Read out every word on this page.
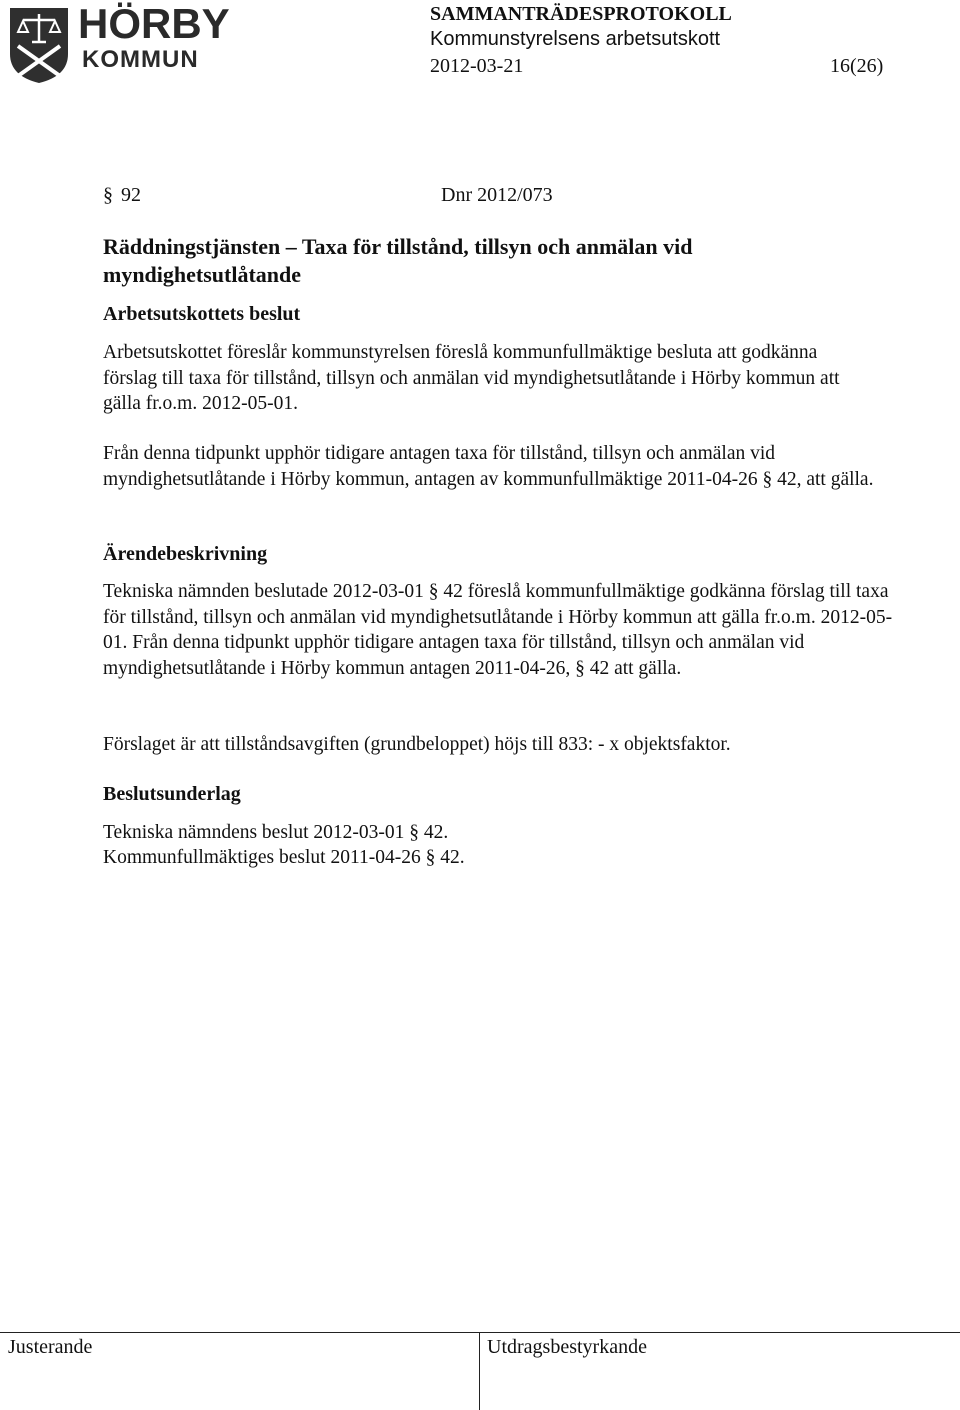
HÖRBY
KOMMUN
SAMMANTRÄDESPROTOKOLL
Kommunstyrelsens arbetsutskott
2012-03-21	16(26)
§ 92	Dnr 2012/073
Räddningstjänsten – Taxa för tillstånd, tillsyn och anmälan vid myndighetsutlåtande
Arbetsutskottets beslut

Arbetsutskottet föreslår kommunstyrelsen föreslå kommunfullmäktige besluta att godkänna förslag till taxa för tillstånd, tillsyn och anmälan vid myndighetsutlåtande i Hörby kommun att gälla fr.o.m. 2012-05-01.

Från denna tidpunkt upphör tidigare antagen taxa för tillstånd, tillsyn och anmälan vid myndighetsutlåtande i Hörby kommun, antagen av kommunfullmäktige 2011-04-26 § 42, att gälla.

Ärendebeskrivning

Tekniska nämnden beslutade 2012-03-01 § 42 föreslå kommunfullmäktige godkänna förslag till taxa för tillstånd, tillsyn och anmälan vid myndighetsutlåtande i Hörby kommun att gälla fr.o.m. 2012-05-01. Från denna tidpunkt upphör tidigare antagen taxa för tillstånd, tillsyn och anmälan vid myndighetsutlåtande i Hörby kommun antagen 2011-04-26, § 42 att gälla.

Förslaget är att tillståndsavgiften (grundbeloppet) höjs till 833: - x objektsfaktor.

Beslutsunderlag

Tekniska nämndens beslut 2012-03-01 § 42.

Kommunfullmäktiges beslut 2011-04-26 § 42.

Justerande	Utdragsbestyrkande
